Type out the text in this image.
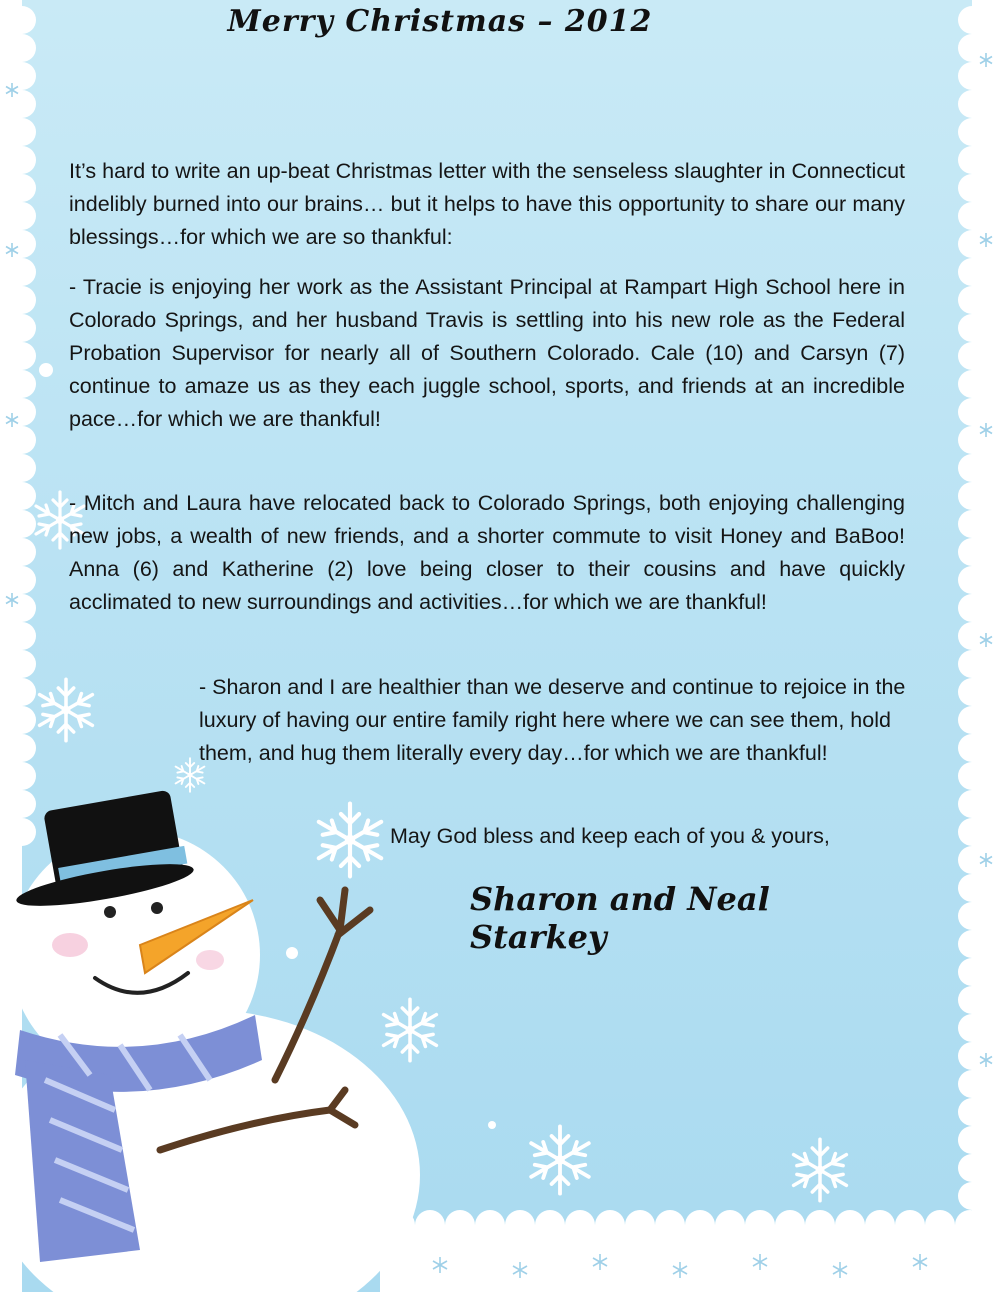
Merry Christmas – 2012

It’s hard to write an up-beat Christmas letter with the senseless slaughter in Connecticut indelibly burned into our brains… but it helps to have this opportunity to share our many blessings…for which we are so thankful:

- Tracie is enjoying her work as the Assistant Principal at Rampart High School here in Colorado Springs, and her husband Travis is settling into his new role as the Federal Probation Supervisor for nearly all of Southern Colorado. Cale (10) and Carsyn (7) continue to amaze us as they each juggle school, sports, and friends at an incredible pace…for which we are thankful!

- Mitch and Laura have relocated back to Colorado Springs, both enjoying challenging new jobs, a wealth of new friends, and a shorter commute to visit Honey and BaBoo! Anna (6) and Katherine (2) love being closer to their cousins and have quickly acclimated to new surroundings and activities…for which we are thankful!

- Sharon and I are healthier than we deserve and continue to rejoice in the luxury of having our entire family right here where we can see them, hold them, and hug them literally every day…for which we are thankful!

May God bless and keep each of you & yours,
Sharon and Neal Starkey
